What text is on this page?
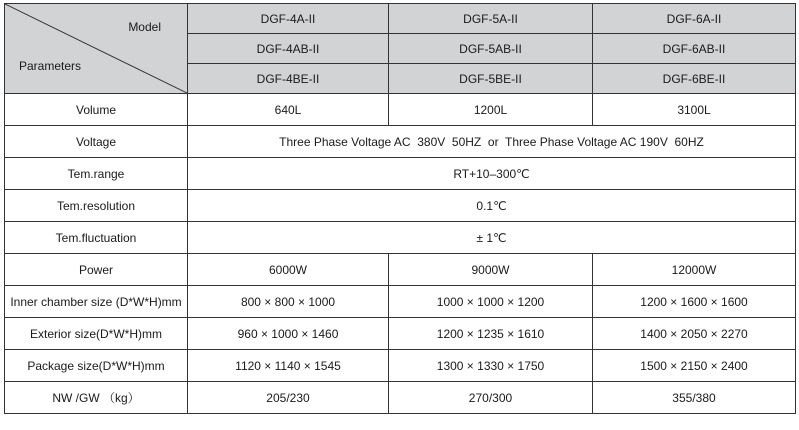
Model
Parameters	DGF-4A-II	DGF-5A-II	DGF-6A-II
	DGF-4AB-II	DGF-5AB-II	DGF-6AB-II
	DGF-4BE-II	DGF-5BE-II	DGF-6BE-II
Volume	640L	1200L	3100L
Voltage	Three Phase Voltage AC  380V  50HZ  or  Three Phase Voltage AC 190V  60HZ		
Tem.range	RT+10–300℃		
Tem.resolution	0.1℃		
Tem.fluctuation	± 1℃		
Power	6000W	9000W	12000W
Inner chamber size (D*W*H)mm	800 × 800 × 1000	1000 × 1000 × 1200	1200 × 1600 × 1600
Exterior size(D*W*H)mm	960 × 1000 × 1460	1200 × 1235 × 1610	1400 × 2050 × 2270
Package size(D*W*H)mm	1120 × 1140 × 1545	1300 × 1330 × 1750	1500 × 2150 × 2400
NW /GW （kg）	205/230	270/300	355/380
